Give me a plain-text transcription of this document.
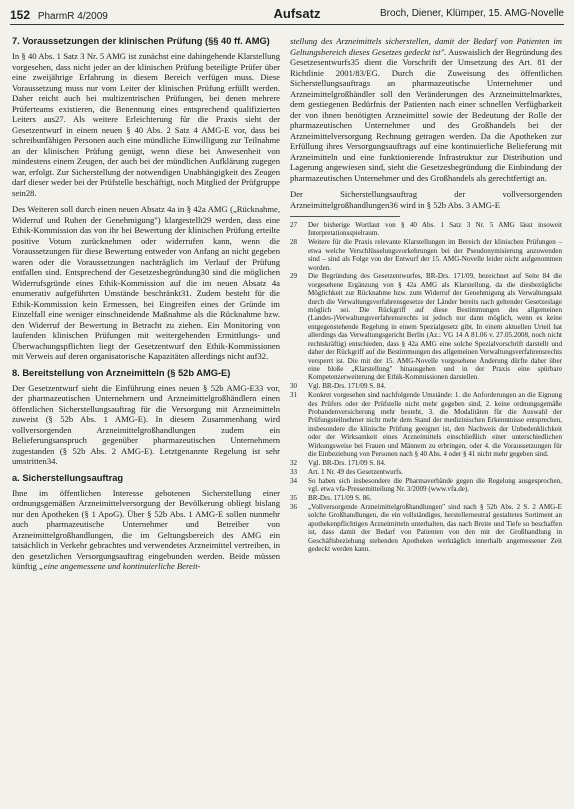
152 PharmR 4/2009	Aufsatz	Broch, Diener, Klümper, 15. AMG-Novelle
7. Voraussetzungen der klinischen Prüfung (§§ 40 ff. AMG)

In § 40 Abs. 1 Satz 3 Nr. 5 AMG ist zunächst eine dahingehende Klarstellung vorgesehen, dass nicht jeder an der klinischen Prüfung beteiligte Prüfer über eine zweijährige Erfahrung in diesem Bereich verfügen muss. Diese Voraussetzung muss nur vom Leiter der klinischen Prüfung erfüllt werden. Daher reicht auch bei multizentrischen Prüfungen, bei denen mehrere Prüferteams existieren, die Benennung eines entsprechend qualifizierten Leiters aus27. Als weitere Erleichterung für die Praxis sieht der Gesetzentwurf in einem neuen § 40 Abs. 2 Satz 4 AMG-E vor, dass bei schreibunfähigen Personen auch eine mündliche Einwilligung zur Teilnahme an der klinischen Prüfung genügt, wenn diese bei Anwesenheit von mindestens einem Zeugen, der auch bei der mündlichen Aufklärung zugegen war, erfolgt. Zur Sicherstellung der notwendigen Unabhängigkeit des Zeugen darf dieser weder bei der Prüfstelle beschäftigt, noch Mitglied der Prüfgruppe sein28.

Des Weiteren soll durch einen neuen Absatz 4a in § 42a AMG („Rücknahme, Widerruf und Ruhen der Genehmigung") klargestellt29 werden, dass eine Ethik-Kommission das von ihr bei Bewertung der klinischen Prüfung erteilte positive Votum zurücknehmen oder widerrufen kann, wenn die Voraussetzungen für diese Bewertung entweder von Anfang an nicht gegeben waren oder die Voraussetzungen nachträglich im Verlauf der Prüfung entfallen sind. Entsprechend der Gesetzesbegründung30 sind die möglichen Widerrufsgründe eines Ethik-Kommission auf die im neuen Absatz 4a enumerativ aufgeführten Umstände beschränkt31. Zudem besteht für die Ethik-Kommission kein Ermessen, bei Eingreifen eines der Gründe im Einzelfall eine weniger einschneidende Maßnahme als die Rücknahme bzw. den Widerruf der Bewertung in Betracht zu ziehen. Ein Monitoring von laufenden klinischen Prüfungen mit weitergehenden Ermittlungs- und Überwachungspflichten liegt der Gesetzentwurf den Ethik-Kommissionen mit Verweis auf deren organisatorische Kapazitäten allerdings nicht auf32.

8. Bereitstellung von Arzneimitteln (§ 52b AMG-E)

Der Gesetzentwurf sieht die Einführung eines neuen § 52b AMG-E33 vor, der pharmazeutischen Unternehmern und Arzneimittelgroßhändlern einen öffentlichen Sicherstellungsauftrag für die Versorgung mit Arzneimitteln zuweist (§ 52b Abs. 1 AMG-E). In diesem Zusammenhang wird vollversorgenden Arzneimittelgroßhandlungen zudem ein Belieferungsanspruch gegenüber pharmazeutischen Unternehmern zugestanden (§ 52b Abs. 2 AMG-E). Letztgenannte Regelung ist sehr umstritten34.

a. Sicherstellungsauftrag

Ihne im öffentlichen Interesse gebotenen Sicherstellung einer ordnungsgemäßen Arzneimittelversorgung der Bevölkerung obliegt bislang nur den Apotheken (§ 1 ApoG). Über § 52b Abs. 1 AMG-E sollen nunmehr auch pharmazeutische Unternehmer und Betreiber von Arzneimittelgroßhandlungen, die im Geltungsbereich des AMG ein tatsächlich in Verkehr gebrachtes und verwendetes Arzneimittel vertreiben, in den gesetzlichen Versorgungsauftrag eingebunden werden. Beide müssen künftig „eine angemessene und kontinuierliche Bereit-

stellung des Arzneimittels sicherstellen, damit der Bedarf von Patienten im Geltungsbereich dieses Gesetzes gedeckt ist". Auswaislich der Begründung des Gesetzesentwurfs35 dient die Vorschrift der Umsetzung des Art. 81 der Richtlinie 2001/83/EG. Durch die Zuweisung des öffentlichen Sicherstellungsauftrags an pharmazeutische Unternehmer und Arzneimittelgroßhändler soll den Veränderungen des Arzneimittelmarktes, dem gestiegenen Bedürfnis der Patienten nach einer schnellen Verfügbarkeit der von ihnen benötigten Arzneimittel sowie der Bedeutung der Rolle der pharmazeutischen Unternehmer und des Großhandels bei der Arzneimittelversorgung Rechnung getragen werden. Da die Apotheken zur Erfüllung ihres Versorgungsauftrags auf eine kontinuierliche Belieferung mit Arzneimitteln und eine funktionierende Infrastruktur zur Distribution und Lagerung angewiesen sind, sieht die Gesetzesbegründung die Einbindung der pharmazeutischen Unternehmer und des Großhandels als gerechtfertigt an.

Der Sicherstellungsauftrag der vollversorgenden Arzneimittelgroßhandlungen36 wird in § 52b Abs. 3 AMG-E

27	Der bisherige Wortlaut von § 40 Abs. 1 Satz 3 Nr. 5 AMG lässt insoweit Interpretationsspielraum.
28	Weitere für die Praxis relevante Klarstellungen im Bereich der klinischen Prüfungen – etwa welche Verschlüsselungsvorkehrungen bei der Pseudonymisierung anzuwenden sind – sind als Folge von der Entwurf der 15. AMG-Novelle leider nicht aufgenommen worden.
29	Die Begründung des Gesetzentwurfes, BR-Drs. 171/09, bezeichnet auf Seite 84 die vorgesehene Ergänzung von § 42a AMG als Klarstellung, da die diesbezügliche Möglichkeit zur Rücknahme bzw. zum Widerruf der Genehmigung als Verwaltungsakt durch die Verwaltungsverfahrensgesetze der Länder bereits nach geltender Gesetzeslage möglich sei. Die Rückgriff auf diese Bestimmungen des allgemeinen (Landes-)Verwaltungsverfahrensrechts ist jedoch nur dann möglich, wenn es keine entgegenstehende Regelung in einem Spezialgesetz gibt. In einem aktuellen Urteil hat allerdings das Verwaltungsgericht Berlin (Az.: VG 14 A 81.06 v. 27.05.2008, noch nicht rechtskräftig) entschieden, dass § 42a AMG eine solche Spezialvorschrift darstellt und daher der Rückgriff auf die Bestimmungen des allgemeinen Verwaltungsverfahrensrechts versperrt ist. Die mit der 15. AMG-Novelle vorgesehene Änderung dürfte daher über eine bloße „Klarstellung" hinausgehen und in der Praxis eine spürbare Kompetenzerweiterung der Ethik-Kommissionen darstellen.
30	Vgl. BR-Drs. 171/09 S. 84.
31	Konkret vorgesehen sind nachfolgende Umstände: 1. die Anforderungen an die Eignung des Prüfers oder der Prüfstelle nicht mehr gegeben sind, 2. keine ordnungsgemäße Probandenversicherung mehr besteht, 3. die Modalitäten für die Auswahl der Prüfungsteilnehmer nicht mehr dem Stand der medizinischen Erkenntnisse entsprechen, insbesondere die klinische Prüfung geeignet ist, den Nachweis der Unbedenklichkeit oder der Wirksamkeit eines Arzneimittels einschließlich einer unterschiedlichen Wirkungsweise bei Frauen und Männern zu erbringen, oder 4. die Voraussetzungen für die Einbeziehung von Personen nach § 40 Abs. 4 oder § 41 nicht mehr gegeben sind.
32	Vgl. BR-Drs. 171/09 S. 84.
33	Art. 1 Nr. 49 des Gesetzentwurfs.
34	So haben sich insbesondere die Pharmaverbände gegen die Regelung ausgesprochen, vgl. etwa vfa-Pressemitteilung Nr. 3/2009 (www.vfa.de).
35	BR-Drs. 171/09 S. 86.
36	„Vollversorgende Arzneimittelgroßhandlungen" sind nach § 52b Abs. 2 S. 2 AMG-E solche Großhandlungen, die ein vollständiges, herstellerneutral gestaltetes Sortiment an apothekenpflichtigen Arzneimitteln unterhalten, das nach Breite und Tiefe so beschaffen ist, dass damit der Bedarf von Patienten von den mit der Großhandlung in Geschäftsbeziehung stehenden Apotheken werktäglich innerhalb angemessener Zeit gedeckt werden kann.
